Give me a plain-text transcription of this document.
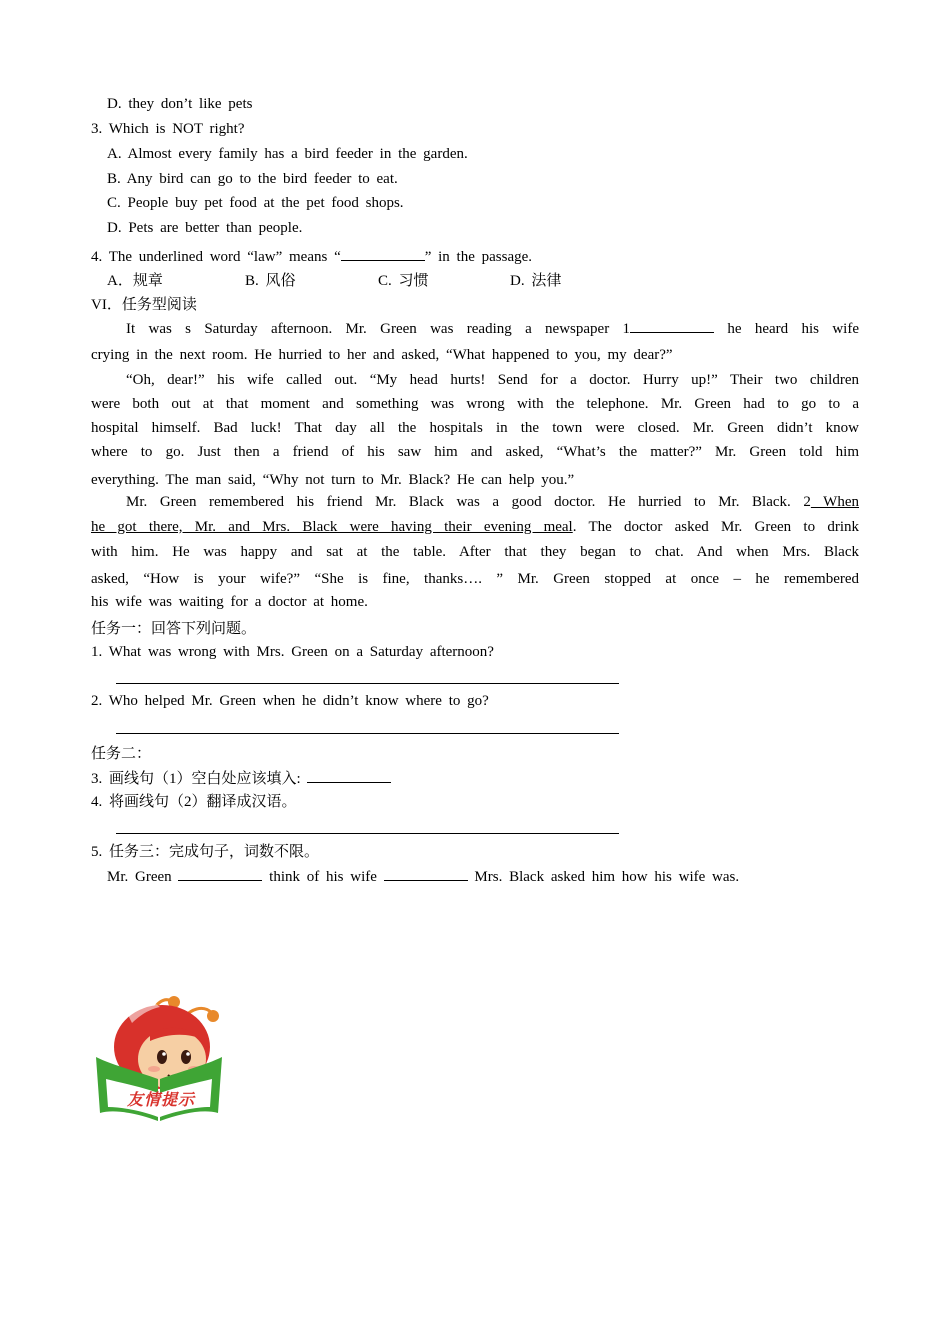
D. they don’t like pets
3. Which is NOT right?
A. Almost every family has a bird feeder in the garden.
B. Any bird can go to the bird feeder to eat.
C. People buy pet food at the pet food shops.
D. Pets are better than people.
4. The underlined word “law” means “	” in the passage.
A．规章	B. 风俗	C. 习惯	D. 法律
VI．任务型阅读
It was s Saturday afternoon. Mr. Green was reading a newspaper 1	he heard his wife
crying in the next room. He hurried to her and asked, “What happened to you, my dear?”
“Oh, dear!” his wife called out. “My head hurts! Send for a doctor. Hurry up!” Their two children
were both out at that moment and something was wrong with the telephone. Mr. Green had to go to a
hospital himself. Bad luck! That day all the hospitals in the town were closed. Mr. Green didn’t know
where to go. Just then a friend of his saw him and asked, “What’s the matter?” Mr. Green told him
everything. The man said, “Why not turn to Mr. Black? He can help you.”
Mr. Green remembered his friend Mr. Black was a good doctor. He hurried to Mr. Black. 2 When
he got there, Mr. and Mrs. Black were having their evening meal. The doctor asked Mr. Green to drink
with him. He was happy and sat at the table. After that they began to chat. And when Mrs. Black
asked, “How is your wife?” “She is fine, thanks…. ” Mr. Green stopped at once – he remembered
his wife was waiting for a doctor at home.
任务一：回答下列问题。
1. What was wrong with Mrs. Green on a Saturday afternoon?
2. Who helped Mr. Green when he didn’t know where to go?
任务二：
3. 画线句（1）空白处应该填入:
4. 将画线句（2）翻译成汉语。
5. 任务三：完成句子，词数不限。
Mr. Green	think of his wife	Mrs. Black asked him how his wife was.
友情提示
